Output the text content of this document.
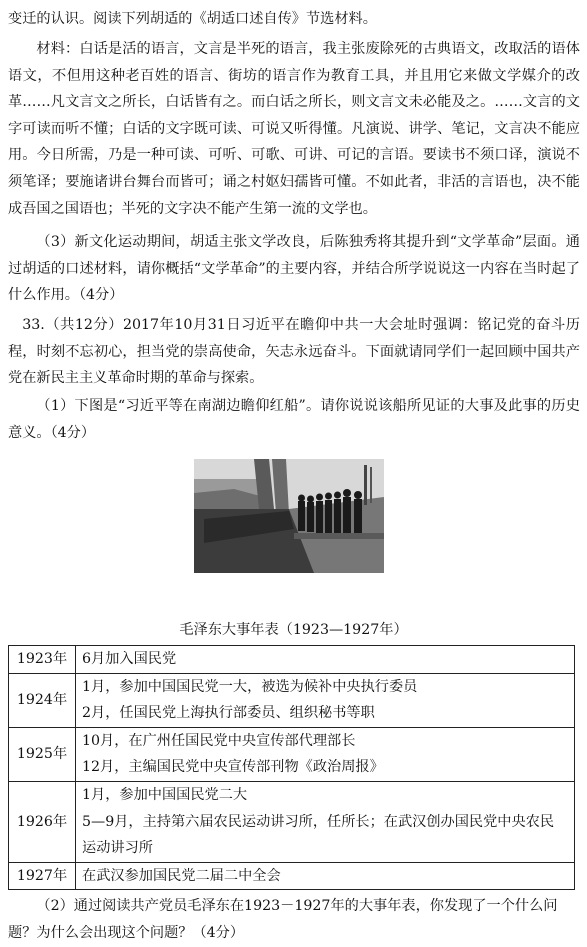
变迁的认识。阅读下列胡适的《胡适口述自传》节选材料。

材料：白话是活的语言，文言是半死的语言，我主张废除死的古典语文，改取活的语体语文，不但用这种老百姓的语言、街坊的语言作为教育工具，并且用它来做文学媒介的改革……凡文言文之所长，白话皆有之。而白话之所长，则文言文未必能及之。……文言的文字可读而听不懂；白话的文字既可读、可说又听得懂。凡演说、讲学、笔记，文言决不能应用。今日所需，乃是一种可读、可听、可歌、可讲、可记的言语。要读书不须口译，演说不须笔译；要施诸讲台舞台而皆可；诵之村妪妇孺皆可懂。不如此者，非活的言语也，决不能成吾国之国语也；半死的文字决不能产生第一流的文学也。

（3）新文化运动期间，胡适主张文学改良，后陈独秀将其提升到“文学革命”层面。通过胡适的口述材料，请你概括“文学革命”的主要内容，并结合所学说说这一内容在当时起了什么作用。（4分）

33.（共12分）2017年10月31日习近平在瞻仰中共一大会址时强调：铭记党的奋斗历程，时刻不忘初心，担当党的崇高使命，矢志永远奋斗。下面就请同学们一起回顾中国共产党在新民主主义革命时期的革命与探索。

（1）下图是“习近平等在南湖边瞻仰红船”。请你说说该船所见证的大事及此事的历史意义。（4分）

毛泽东大事年表（1923—1927年）
1923年	6月加入国民党
1924年	1月，参加中国国民党一大，被选为候补中央执行委员
	2月，任国民党上海执行部委员、组织秘书等职
1925年	10月，在广州任国民党中央宣传部代理部长
	12月，主编国民党中央宣传部刊物《政治周报》
1926年	1月，参加中国国民党二大
	5—9月，主持第六届农民运动讲习所，任所长；在武汉创办国民党中央农民运动讲习所
1927年	在武汉参加国民党二届二中全会

（2）通过阅读共产党员毛泽东在1923－1927年的大事年表，你发现了一个什么问题？为什么会出现这个问题？（4分）
